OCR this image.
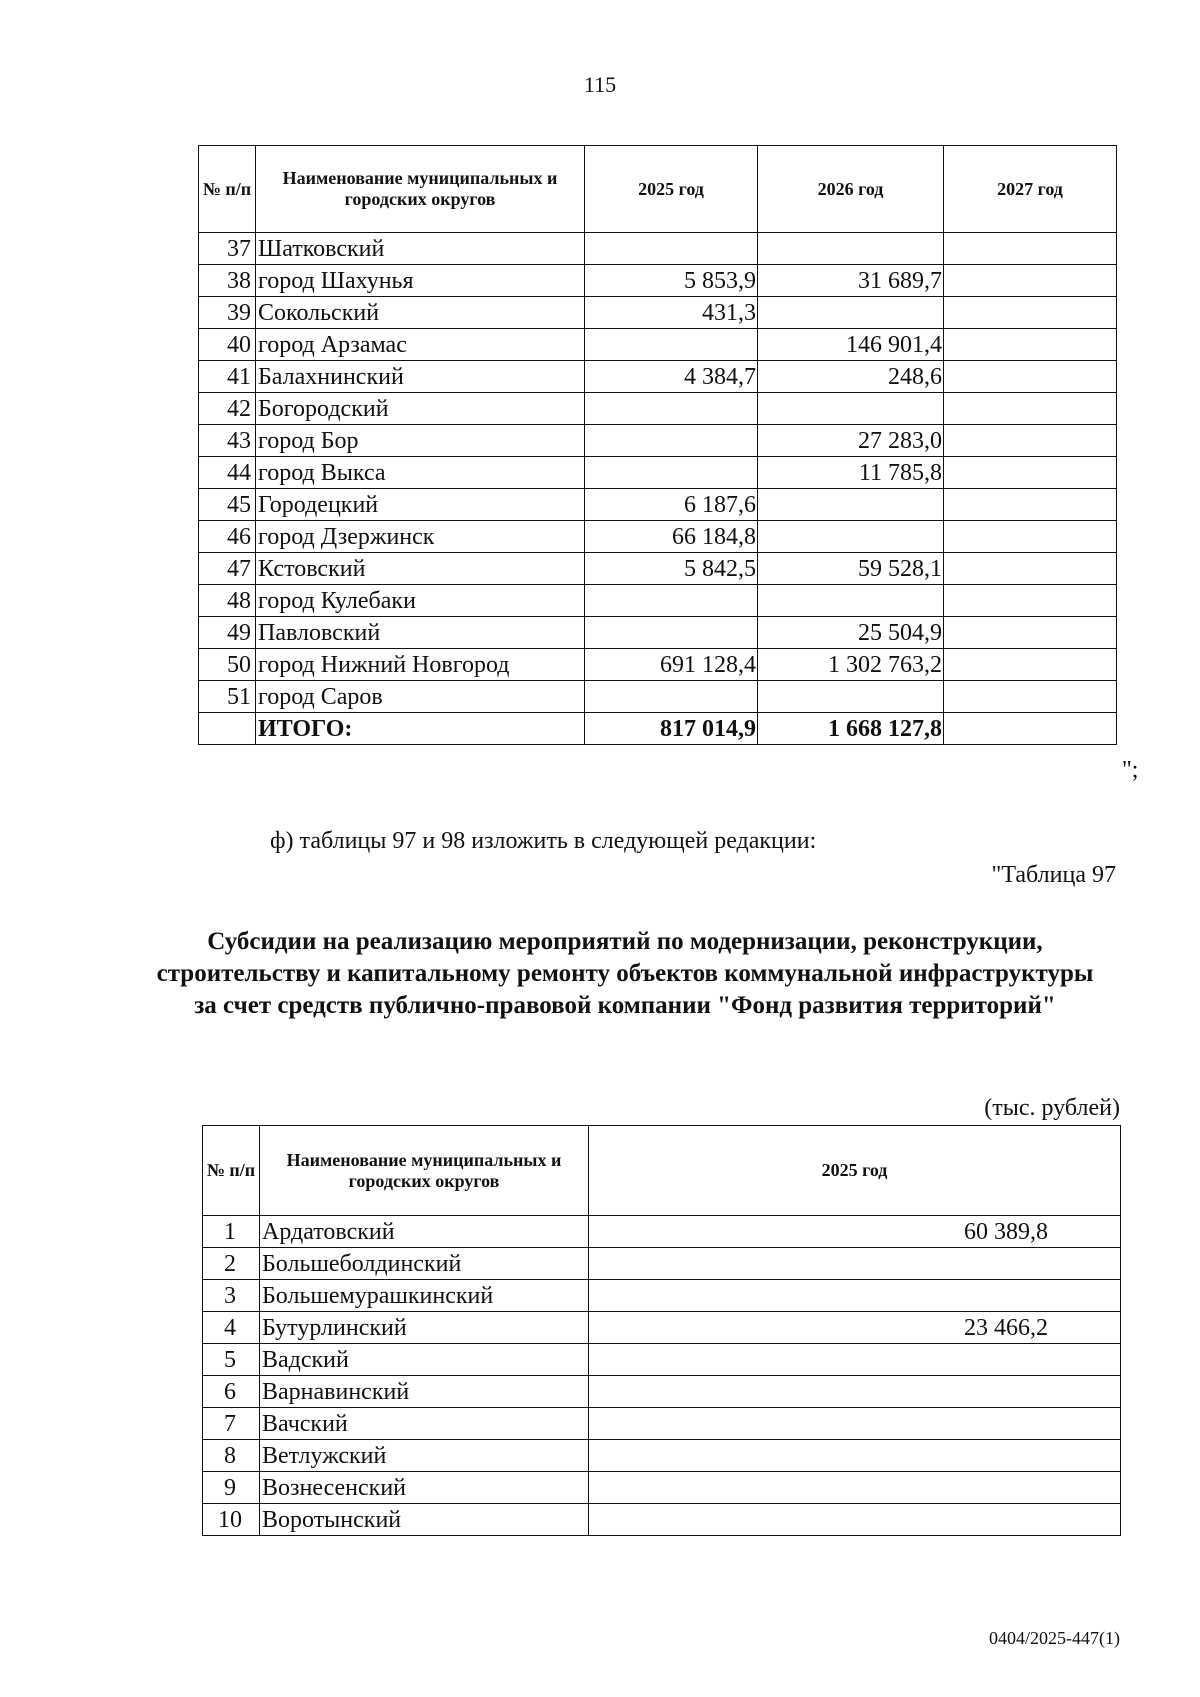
115
№ п/п	Наименование муниципальных и городских округов	2025 год	2026 год	2027 год
37	Шатковский			
38	город Шахунья	5 853,9	31 689,7	
39	Сокольский	431,3		
40	город Арзамас		146 901,4	
41	Балахнинский	4 384,7	248,6	
42	Богородский			
43	город Бор		27 283,0	
44	город Выкса		11 785,8	
45	Городецкий	6 187,6		
46	город Дзержинск	66 184,8		
47	Кстовский	5 842,5	59 528,1	
48	город Кулебаки			
49	Павловский		25 504,9	
50	город Нижний Новгород	691 128,4	1 302 763,2	
51	город Саров			
	ИТОГО:	817 014,9	1 668 127,8	
";
ф) таблицы 97 и 98 изложить в следующей редакции:
"Таблица 97
Субсидии на реализацию мероприятий по модернизации, реконструкции, строительству и капитальному ремонту объектов коммунальной инфраструктуры за счет средств публично-правовой компании "Фонд развития территорий"
(тыс. рублей)
№ п/п	Наименование муниципальных и городских округов	2025 год
1	Ардатовский	60 389,8
2	Большеболдинский	
3	Большемурашкинский	
4	Бутурлинский	23 466,2
5	Вадский	
6	Варнавинский	
7	Вачский	
8	Ветлужский	
9	Вознесенский	
10	Воротынский	
0404/2025-447(1)
